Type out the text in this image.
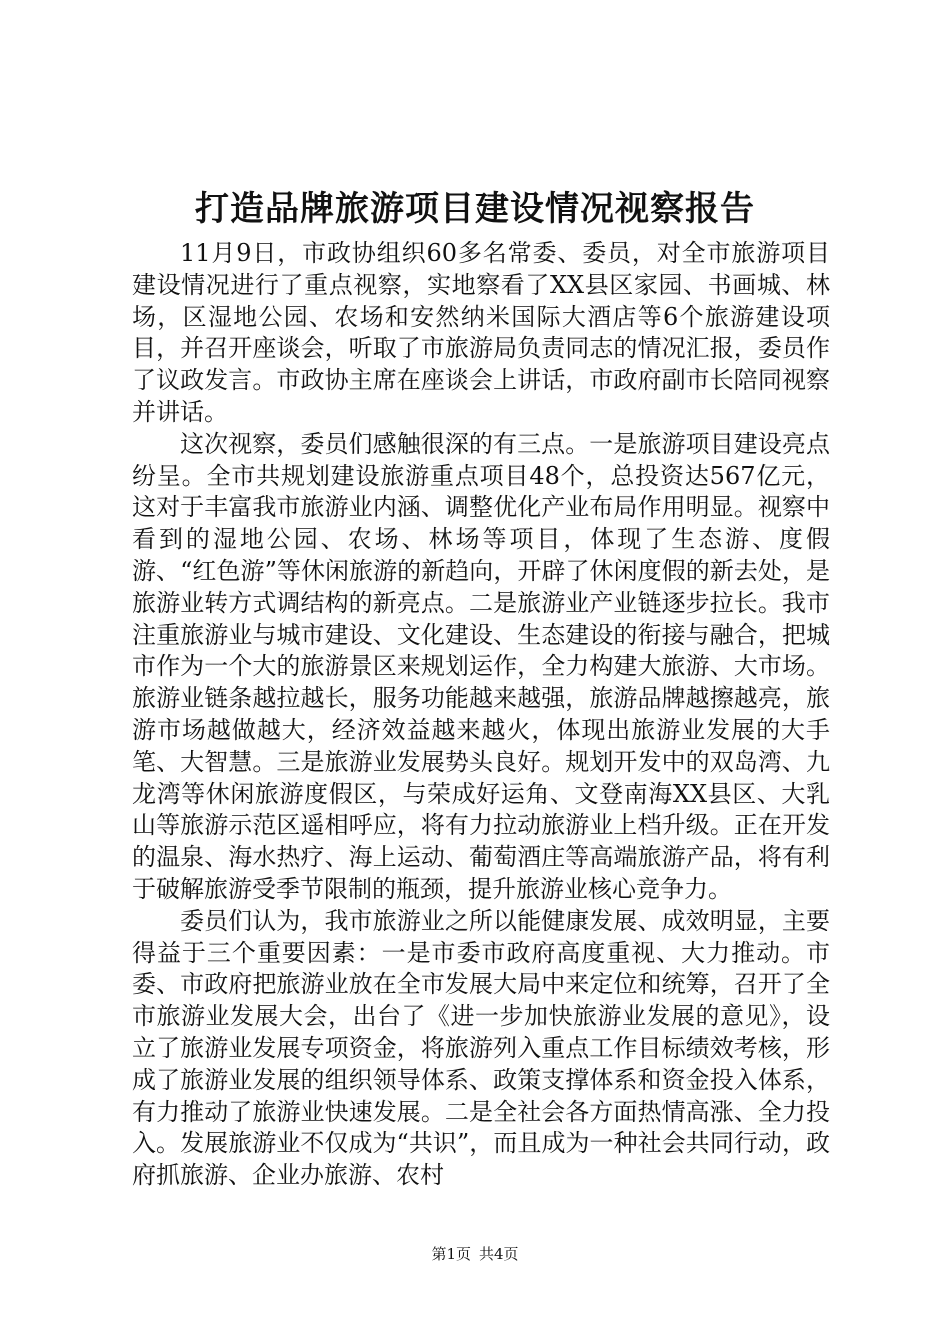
打造品牌旅游项目建设情况视察报告

11月9日，市政协组织60多名常委、委员，对全市旅游项目建设情况进行了重点视察，实地察看了XX县区家园、书画城、林场，区湿地公园、农场和安然纳米国际大酒店等6个旅游建设项目，并召开座谈会，听取了市旅游局负责同志的情况汇报，委员作了议政发言。市政协主席在座谈会上讲话，市政府副市长陪同视察并讲话。

这次视察，委员们感触很深的有三点。一是旅游项目建设亮点纷呈。全市共规划建设旅游重点项目48个，总投资达567亿元，这对于丰富我市旅游业内涵、调整优化产业布局作用明显。视察中看到的湿地公园、农场、林场等项目，体现了生态游、度假游、“红色游”等休闲旅游的新趋向，开辟了休闲度假的新去处，是旅游业转方式调结构的新亮点。二是旅游业产业链逐步拉长。我市注重旅游业与城市建设、文化建设、生态建设的衔接与融合，把城市作为一个大的旅游景区来规划运作，全力构建大旅游、大市场。旅游业链条越拉越长，服务功能越来越强，旅游品牌越擦越亮，旅游市场越做越大，经济效益越来越火，体现出旅游业发展的大手笔、大智慧。三是旅游业发展势头良好。规划开发中的双岛湾、九龙湾等休闲旅游度假区，与荣成好运角、文登南海XX县区、大乳山等旅游示范区遥相呼应，将有力拉动旅游业上档升级。正在开发的温泉、海水热疗、海上运动、葡萄酒庄等高端旅游产品，将有利于破解旅游受季节限制的瓶颈，提升旅游业核心竞争力。

委员们认为，我市旅游业之所以能健康发展、成效明显，主要得益于三个重要因素：一是市委市政府高度重视、大力推动。市委、市政府把旅游业放在全市发展大局中来定位和统筹，召开了全市旅游业发展大会，出台了《进一步加快旅游业发展的意见》，设立了旅游业发展专项资金，将旅游列入重点工作目标绩效考核，形成了旅游业发展的组织领导体系、政策支撑体系和资金投入体系，有力推动了旅游业快速发展。二是全社会各方面热情高涨、全力投入。发展旅游业不仅成为“共识”，而且成为一种社会共同行动，政府抓旅游、企业办旅游、农村

第1页 共4页
